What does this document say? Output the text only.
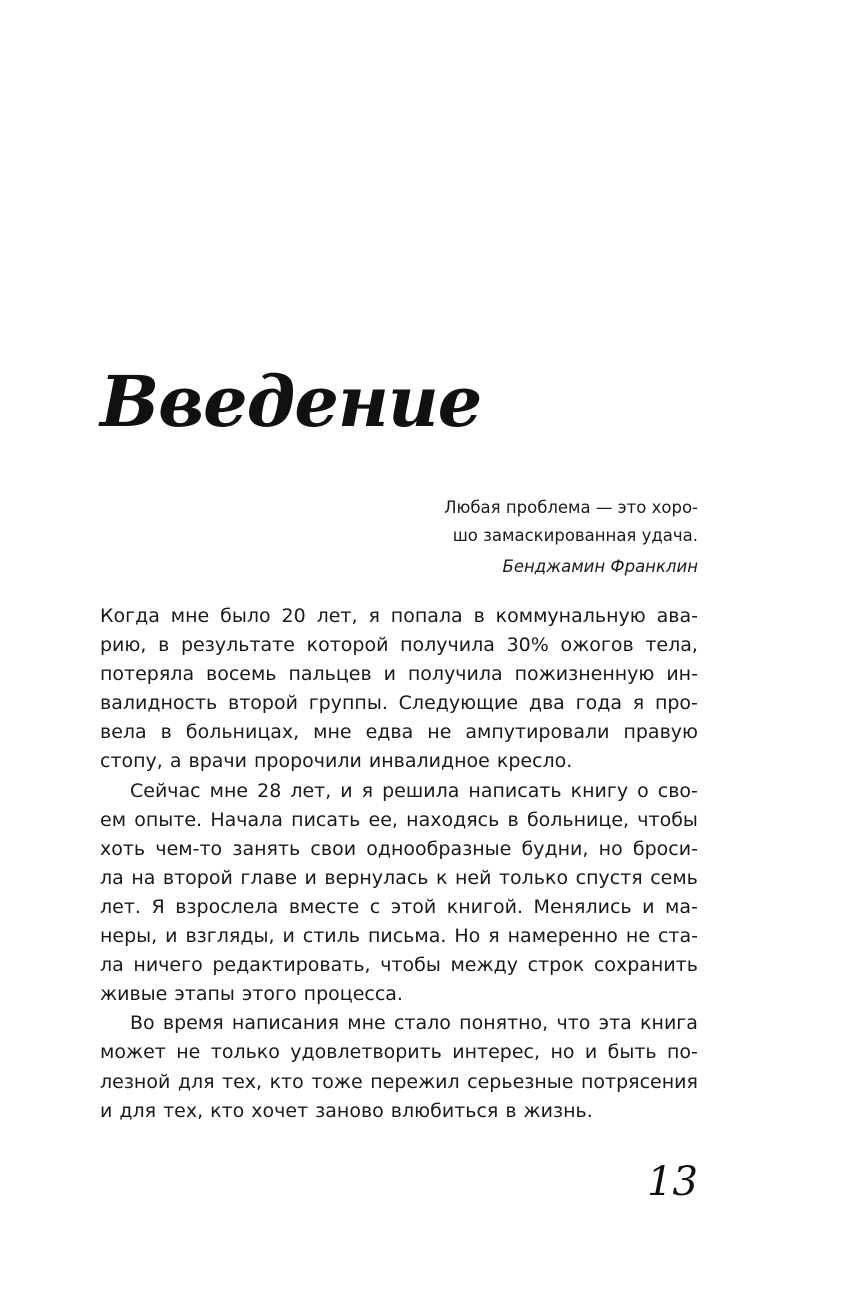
Введение
Любая проблема — это хоро-
шо замаскированная удача.
Бенджамин Франклин
Когда мне было 20 лет, я попала в коммунальную ава-
рию, в результате которой получила 30% ожогов тела,
потеряла восемь пальцев и получила пожизненную ин-
валидность второй группы. Следующие два года я про-
вела в больницах, мне едва не ампутировали правую
стопу, а врачи пророчили инвалидное кресло.
Сейчас мне 28 лет, и я решила написать книгу о сво-
ем опыте. Начала писать ее, находясь в больнице, чтобы
хоть чем-то занять свои однообразные будни, но броси-
ла на второй главе и вернулась к ней только спустя семь
лет. Я взрослела вместе с этой книгой. Менялись и ма-
неры, и взгляды, и стиль письма. Но я намеренно не ста-
ла ничего редактировать, чтобы между строк сохранить
живые этапы этого процесса.
Во время написания мне стало понятно, что эта книга
может не только удовлетворить интерес, но и быть по-
лезной для тех, кто тоже пережил серьезные потрясения
и для тех, кто хочет заново влюбиться в жизнь.

13
